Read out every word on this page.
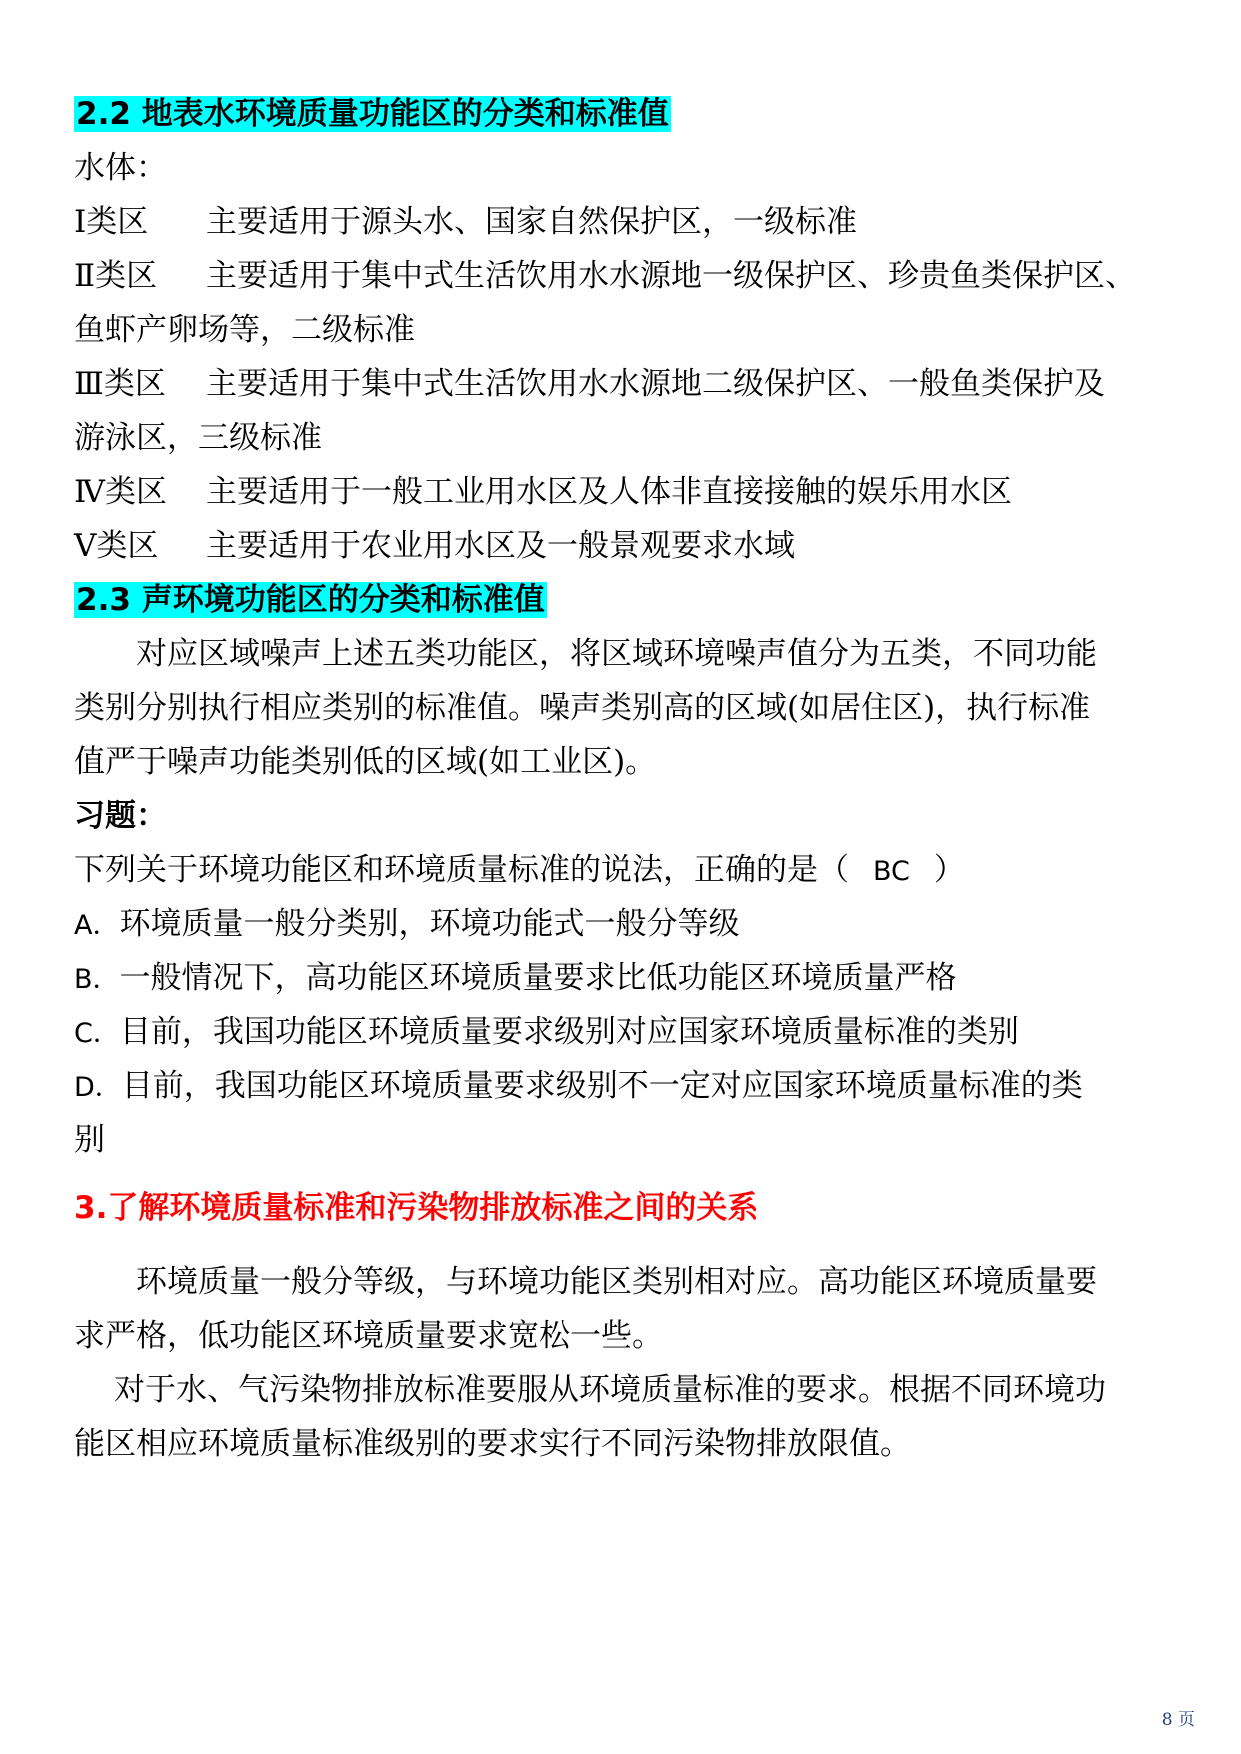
2.2 地表水环境质量功能区的分类和标准值
水体：
Ⅰ类区 主要适用于源头水、国家自然保护区，一级标准
Ⅱ类区 主要适用于集中式生活饮用水水源地一级保护区、珍贵鱼类保护区、
鱼虾产卵场等，二级标准
Ⅲ类区 主要适用于集中式生活饮用水水源地二级保护区、一般鱼类保护及
游泳区，三级标准
Ⅳ类区 主要适用于一般工业用水区及人体非直接接触的娱乐用水区
Ⅴ类区 主要适用于农业用水区及一般景观要求水域
2.3 声环境功能区的分类和标准值
对应区域噪声上述五类功能区，将区域环境噪声值分为五类，不同功能
类别分别执行相应类别的标准值。噪声类别高的区域(如居住区)，执行标准
值严于噪声功能类别低的区域(如工业区)。
习题：
下列关于环境功能区和环境质量标准的说法，正确的是（ BC ）
A．环境质量一般分类别，环境功能式一般分等级
B．一般情况下，高功能区环境质量要求比低功能区环境质量严格
C．目前，我国功能区环境质量要求级别对应国家环境质量标准的类别
D．目前，我国功能区环境质量要求级别不一定对应国家环境质量标准的类
别
3.了解环境质量标准和污染物排放标准之间的关系
环境质量一般分等级，与环境功能区类别相对应。高功能区环境质量要
求严格，低功能区环境质量要求宽松一些。
对于水、气污染物排放标准要服从环境质量标准的要求。根据不同环境功
能区相应环境质量标准级别的要求实行不同污染物排放限值。
8 页
